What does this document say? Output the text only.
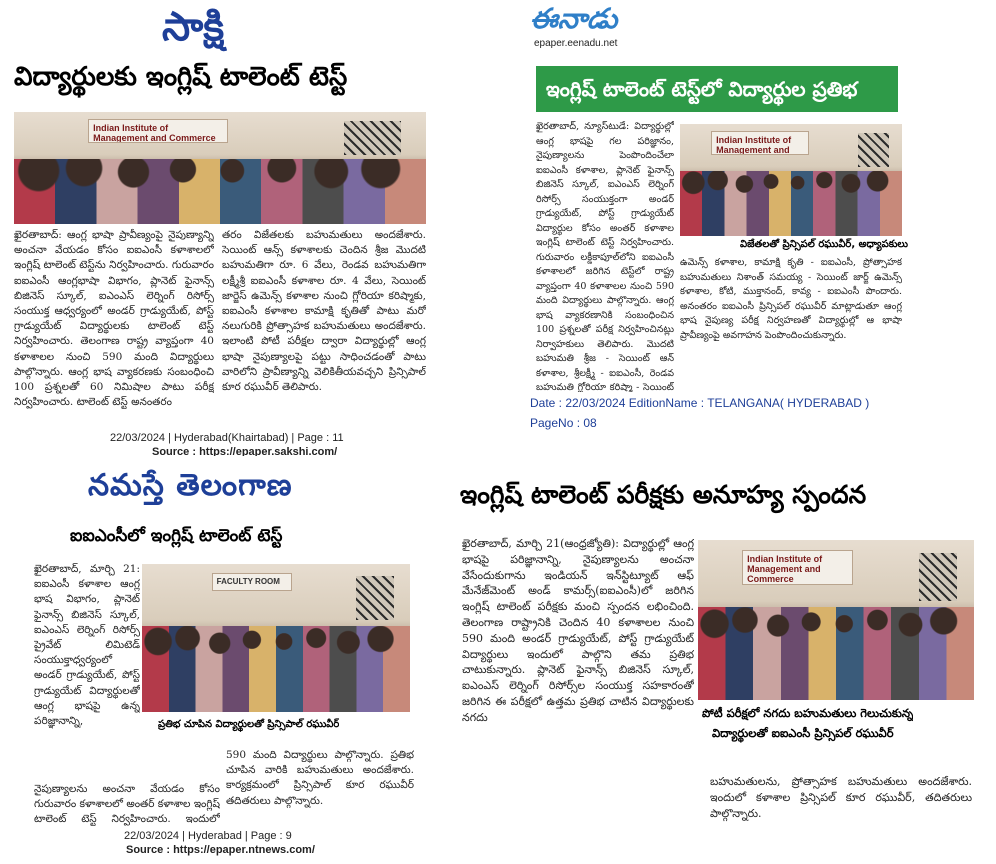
సాక్షి
విద్యార్థులకు ఇంగ్లిష్ టాలెంట్ టెస్ట్
Indian Institute of Management and Commerce
ఖైరతాబాద్: ఆంగ్ల భాషా ప్రావీణ్యంపై నైపుణ్యాన్ని అంచనా వేయడం కోసం ఐఐఎంసీ కళాశాలలో ఇంగ్లిష్ టాలెంట్ టెస్ట్‌ను నిర్వహించారు. గురువారం ఐఐఎంసీ ఆంగ్లభాషా విభాగం, ప్లానెట్ ఫైనాన్స్ బిజినెస్ స్కూల్, ఐఎంఎస్ లెర్నింగ్ రిసోర్స్ సంయుక్త ఆధ్వర్యంలో అండర్ గ్రాడ్యుయేట్, పోస్ట్ గ్రాడ్యుయేట్ విద్యార్థులకు టాలెంట్ టెస్ట్ నిర్వహించారు. తెలంగాణ రాష్ట్ర వ్యాప్తంగా 40 కళాశాలల నుంచి 590 మంది విద్యార్థులు పాల్గొన్నారు. ఆంగ్ల భాష వ్యాకరణకు సంబంధించి 100 ప్రశ్నలతో 60 నిమిషాల పాటు పరీక్ష నిర్వహించారు. టాలెంట్ టెస్ట్ అనంతరం
తరం విజేతలకు బహుమతులు అందజేశారు. సెయింట్ ఆన్స్ కళాశాలకు చెందిన శ్రీజ మొదటి బహుమతిగా రూ. 6 వేలు, రెండవ బహుమతిగా లక్ష్మీశ్రీ ఐఐఎంసీ కళాశాల రూ. 4 వేలు, సెయింట్ జార్జెస్ ఉమెన్స్ కళాశాల నుంచి గ్లోరియా కరిష్మాకు, ఐఐఎంసీ కళాశాల కామాక్షి కృతితో పాటు మరో నలుగురికి ప్రోత్సాహక బహుమతులు అందజేశారు. ఇలాంటి పోటీ పరీక్షల ద్వారా విద్యార్థుల్లో ఆంగ్ల భాషా నైపుణ్యాలపై పట్టు సాధించడంతో పాటు వారిలోని ప్రావీణ్యాన్ని వెలికితీయవచ్చని ప్రిన్సిపాల్ కూర రఘువీర్ తెలిపారు.
22/03/2024 | Hyderabad(Khairtabad) | Page : 11
Source : https://epaper.sakshi.com/
ఈనాడు
epaper.eenadu.net
ఇంగ్లిష్ టాలెంట్ టెస్ట్‌లో విద్యార్థుల ప్రతిభ
ఖైరతాబాద్, న్యూస్‌టుడే: విద్యార్థుల్లో ఆంగ్ల భాషపై గల పరిజ్ఞానం, నైపుణ్యాలను పెంపొందించేలా ఐఐఎంసీ కళాశాల, ప్లానెట్ ఫైనాన్స్ బిజినెస్ స్కూల్, ఐఎంఎస్ లెర్నింగ్ రిసోర్స్ సంయుక్తంగా అండర్ గ్రాడ్యుయేట్, పోస్ట్ గ్రాడ్యుయేట్ విద్యార్థుల కోసం అంతర్ కళాశాల ఇంగ్లిష్ టాలెంట్ టెస్ట్ నిర్వహించారు. గురువారం లక్డీకాపూల్‌లోని ఐఐఎంసీ కళాశాలలో జరిగిన టెస్ట్‌లో రాష్ట్ర వ్యాప్తంగా 40 కళాశాలల నుంచి 590 మంది విద్యార్థులు పాల్గొన్నారు. ఆంగ్ల భాష వ్యాకరణానికి సంబంధించిన 100 ప్రశ్నలతో పరీక్ష నిర్వహించినట్లు నిర్వాహకులు తెలిపారు. మొదటి బహుమతి శ్రీజ - సెయింట్ ఆన్ కళాశాల, శ్రీలక్ష్మీ - ఐఐఎంసీ, రెండవ బహుమతి గ్లోరియా కరిష్మా - సెయింట్
Indian Institute of Management and
విజేతలతో ప్రిన్సిపల్ రఘువీర్, అధ్యాపకులు
ఉమెన్స్ కళాశాల, కామాక్షి కృతి - ఐఐఎంసీ, ప్రోత్సాహక బహుమతులు నిశాంత్ సమయ్య - సెయింట్ జార్జ్ ఉమెన్స్ కళాశాల, కోటి, ముక్తానంద్, కావ్య - ఐఐఎంసీ పొందారు. అనంతరం ఐఐఎంసీ ప్రిన్సిపల్ రఘువీర్ మాట్లాడుతూ ఆంగ్ల భాష నైపుణ్య పరీక్ష నిర్వహణతో విద్యార్థుల్లో ఆ భాషా ప్రావీణ్యంపై అవగాహన పెంపొందించుకున్నారు.
Date : 22/03/2024 EditionName : TELANGANA( HYDERABAD )
PageNo : 08
నమస్తే తెలంగాణ
ఐఐఎంసీలో ఇంగ్లిష్ టాలెంట్ టెస్ట్
ఖైరతాబాద్, మార్చి 21: ఐఐఎంసీ కళాశాల ఆంగ్ల భాష విభాగం, ప్లానెట్ ఫైనాన్స్ బిజినెస్ స్కూల్, ఐఎంఎస్ లెర్నింగ్ రిసోర్స్ ప్రైవేట్ లిమిటెడ్ సంయుక్తాధ్వర్యంలో అండర్ గ్రాడ్యుయేట్, పోస్ట్ గ్రాడ్యుయేట్ విద్యార్థులతో ఆంగ్ల భాషపై ఉన్న పరిజ్ఞానాన్ని,
FACULTY ROOM
ప్రతిభ చూపిన విద్యార్థులతో ప్రిన్సిపాల్ రఘువీర్
నైపుణ్యాలను అంచనా వేయడం కోసం గురువారం కళాశాలలో అంతర్ కళాశాల ఇంగ్లిష్ టాలెంట్ టెస్ట్ నిర్వహించారు. ఇందులో
590 మంది విద్యార్థులు పాల్గొన్నారు. ప్రతిభ చూపిన వారికి బహుమతులు అందజేశారు. కార్యక్రమంలో ప్రిన్సిపాల్ కూర రఘువీర్ తదితరులు పాల్గొన్నారు.
22/03/2024 | Hyderabad | Page : 9
Source : https://epaper.ntnews.com/
ఇంగ్లిష్ టాలెంట్ పరీక్షకు అనూహ్య స్పందన
ఖైరతాబాద్, మార్చి 21(ఆంధ్రజ్యోతి): విద్యార్థుల్లో ఆంగ్ల భాషపై పరిజ్ఞానాన్ని, నైపుణ్యాలను అంచనా వేసేందుకుగాను ఇండియన్ ఇన్‌స్టిట్యూట్ ఆఫ్ మేనేజ్‌మెంట్ అండ్ కామర్స్(ఐఐఎంసీ)లో జరిగిన ఇంగ్లిష్ టాలెంట్ పరీక్షకు మంచి స్పందన లభించింది. తెలంగాణ రాష్ట్రానికి చెందిన 40 కళాశాలల నుంచి 590 మంది అండర్ గ్రాడ్యుయేట్, పోస్ట్ గ్రాడ్యుయేట్ విద్యార్థులు ఇందులో పాల్గొని తమ ప్రతిభ చాటుకున్నారు. ప్లానెట్ ఫైనాన్స్ బిజినెస్ స్కూల్, ఐఎంఎస్ లెర్నింగ్ రిసోర్స్‌ల సంయుక్త సహకారంతో జరిగిన ఈ పరీక్షలో ఉత్తమ ప్రతిభ చాటిన విద్యార్థులకు నగదు
Indian Institute of Management and Commerce
పోటీ పరీక్షలో నగదు బహుమతులు గెలుచుకున్న
విద్యార్థులతో ఐఐఎంసీ ప్రిన్సిపల్ రఘువీర్
బహుమతులను, ప్రోత్సాహక బహుమతులు అందజేశారు. ఇందులో కళాశాల ప్రిన్సిపల్ కూర రఘువీర్, తదితరులు పాల్గొన్నారు.
